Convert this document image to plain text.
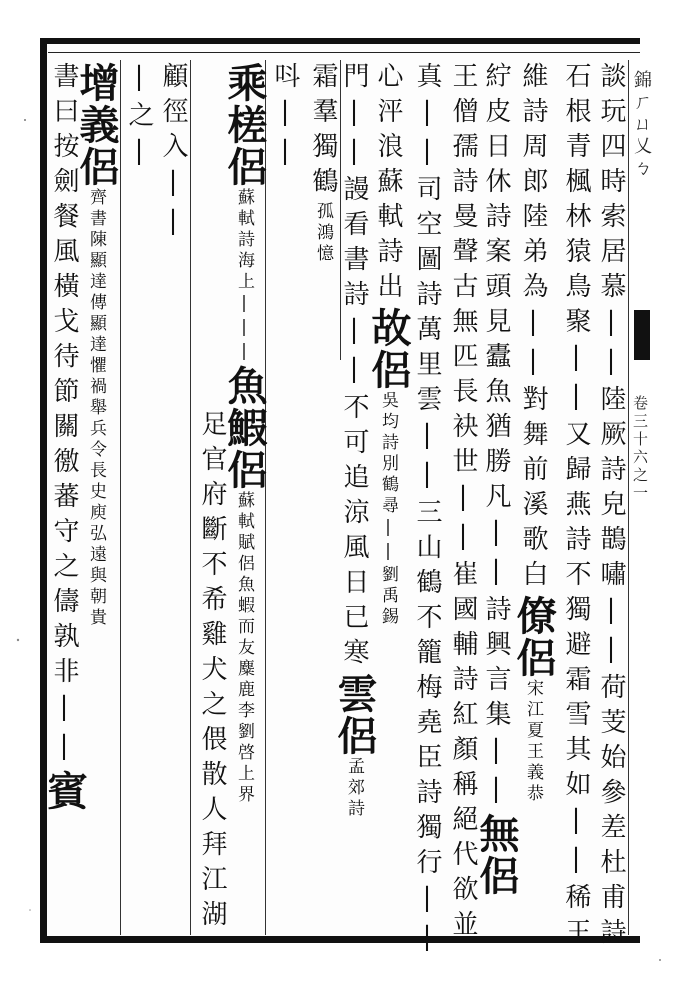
錦ㄏㄩ乂ㄅ
卷三十六之一
談玩四時索居慕||陸厥詩皃鵲嘯||荷芰始參差杜甫詩
石根青楓林猿鳥聚||又歸燕詩不獨避霜雪其如||稀王
維詩周郎陸弟為||對舞前溪歌白僚侶宋江夏王義恭
紵皮日休詩案頭見蠹魚猶勝凡||詩興言集||無侶
王僧孺詩曼聲古無匹長袂世||崔國輔詩紅顏稱絕代欲並
真||司空圖詩萬里雲||三山鶴不籠梅堯臣詩獨行||
心泙浪蘇軾詩出故侶吳均詩別鶴尋||劉禹錫
門||謾看書詩||不可追涼風日已寒雲侶孟郊詩
霜羣獨鶴孤鴻憶
呌||
乘槎侶蘇軾詩海上|||魚鰕侶蘇軾賦侶魚蝦而友麋鹿李劉啓上界
足官府斷不希雞犬之偎散人拜江湖
顧徑入||
|之|
增義侶齊書陳顯達傳顯達懼禍舉兵令長史庾弘遠與朝貴
書曰按劍餐風橫戈待節關徼蕃守之儔孰非||賓
